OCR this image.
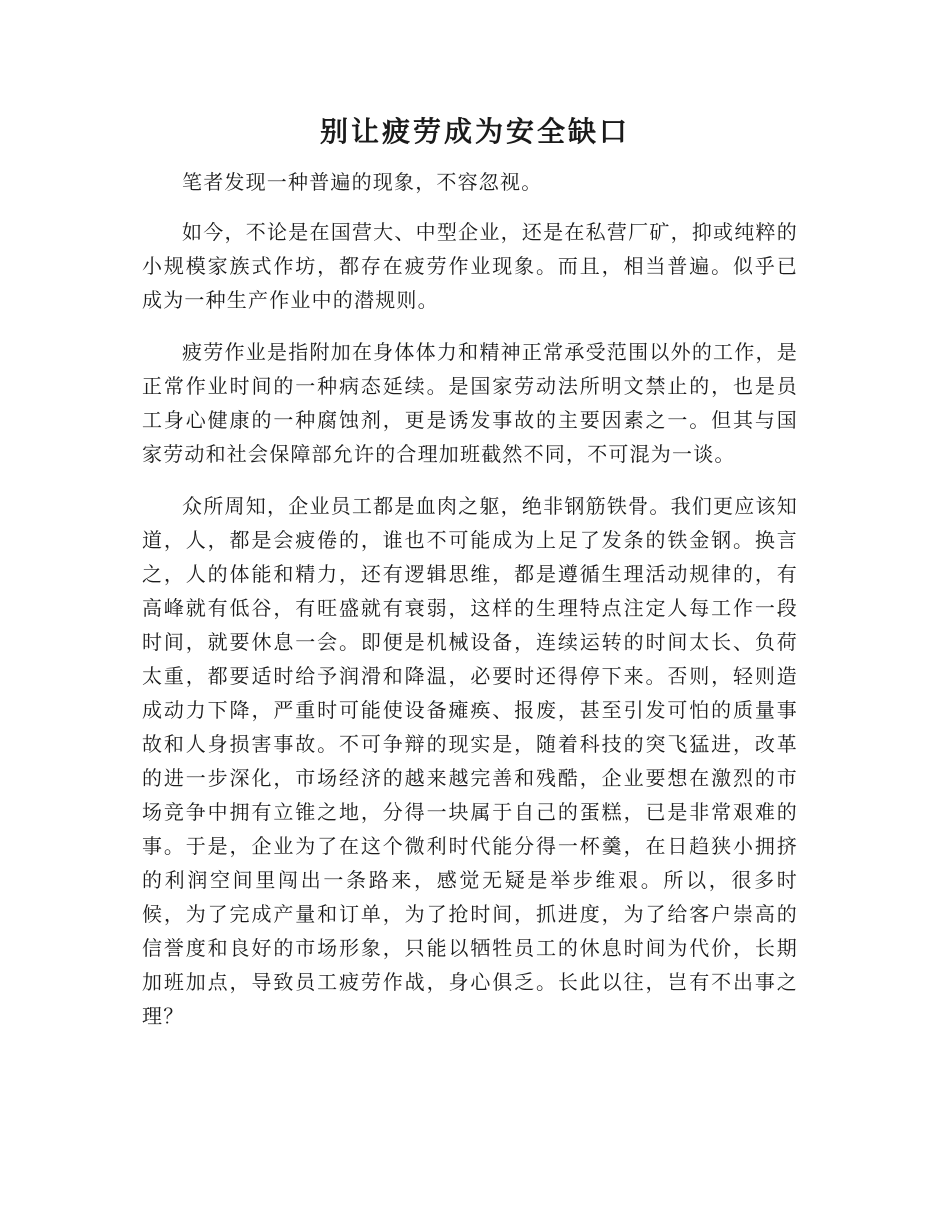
别让疲劳成为安全缺口

笔者发现一种普遍的现象，不容忽视。

如今，不论是在国营大、中型企业，还是在私营厂矿，抑或纯粹的小规模家族式作坊，都存在疲劳作业现象。而且，相当普遍。似乎已成为一种生产作业中的潜规则。

疲劳作业是指附加在身体体力和精神正常承受范围以外的工作，是正常作业时间的一种病态延续。是国家劳动法所明文禁止的，也是员工身心健康的一种腐蚀剂，更是诱发事故的主要因素之一。但其与国家劳动和社会保障部允许的合理加班截然不同，不可混为一谈。

众所周知，企业员工都是血肉之躯，绝非钢筋铁骨。我们更应该知道，人，都是会疲倦的，谁也不可能成为上足了发条的铁金钢。换言之，人的体能和精力，还有逻辑思维，都是遵循生理活动规律的，有高峰就有低谷，有旺盛就有衰弱，这样的生理特点注定人每工作一段时间，就要休息一会。即便是机械设备，连续运转的时间太长、负荷太重，都要适时给予润滑和降温，必要时还得停下来。否则，轻则造成动力下降，严重时可能使设备瘫痪、报废，甚至引发可怕的质量事故和人身损害事故。不可争辩的现实是，随着科技的突飞猛进，改革的进一步深化，市场经济的越来越完善和残酷，企业要想在激烈的市场竞争中拥有立锥之地，分得一块属于自己的蛋糕，已是非常艰难的事。于是，企业为了在这个微利时代能分得一杯羹，在日趋狭小拥挤的利润空间里闯出一条路来，感觉无疑是举步维艰。所以，很多时候，为了完成产量和订单，为了抢时间，抓进度，为了给客户崇高的信誉度和良好的市场形象，只能以牺牲员工的休息时间为代价，长期加班加点，导致员工疲劳作战，身心俱乏。长此以往，岂有不出事之理？
